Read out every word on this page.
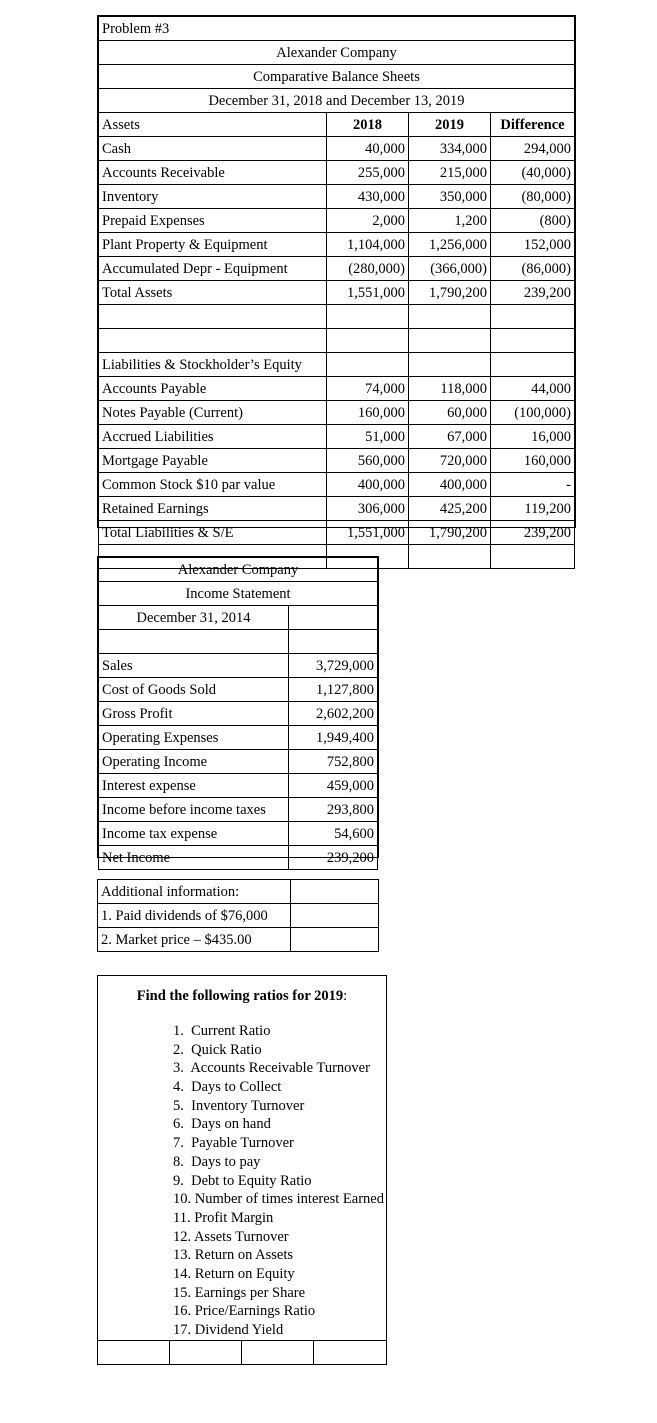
Problem #3			
Alexander Company			
Comparative Balance Sheets			
December 31, 2018 and December 13, 2019			
Assets	2018	2019	Difference
Cash	40,000	334,000	294,000
Accounts Receivable	255,000	215,000	(40,000)
Inventory	430,000	350,000	(80,000)
Prepaid Expenses	2,000	1,200	(800)
Plant Property & Equipment	1,104,000	1,256,000	152,000
Accumulated Depr - Equipment	(280,000)	(366,000)	(86,000)
Total Assets	1,551,000	1,790,200	239,200

Liabilities & Stockholder’s Equity			
Accounts Payable	74,000	118,000	44,000
Notes Payable (Current)	160,000	60,000	(100,000)
Accrued Liabilities	51,000	67,000	16,000
Mortgage Payable	560,000	720,000	160,000
Common Stock $10 par value	400,000	400,000	-
Retained Earnings	306,000	425,200	119,200
Total Liabilities & S/E	1,551,000	1,790,200	239,200

Alexander Company	
Income Statement	
December 31, 2014	

Sales	3,729,000
Cost of Goods Sold	1,127,800
Gross Profit	2,602,200
Operating Expenses	1,949,400
Operating Income	752,800
Interest expense	459,000
Income before income taxes	293,800
Income tax expense	54,600
Net Income	239,200
Additional information:	
1. Paid dividends of $76,000	
2. Market price – $435.00	
Find the following ratios for 2019:
1.  Current Ratio
2.  Quick Ratio
3.  Accounts Receivable Turnover
4.  Days to Collect
5.  Inventory Turnover
6.  Days on hand
7.  Payable Turnover
8.  Days to pay
9.  Debt to Equity Ratio
10. Number of times interest Earned
11. Profit Margin
12. Assets Turnover
13. Return on Assets
14. Return on Equity
15. Earnings per Share
16. Price/Earnings Ratio
17. Dividend Yield
